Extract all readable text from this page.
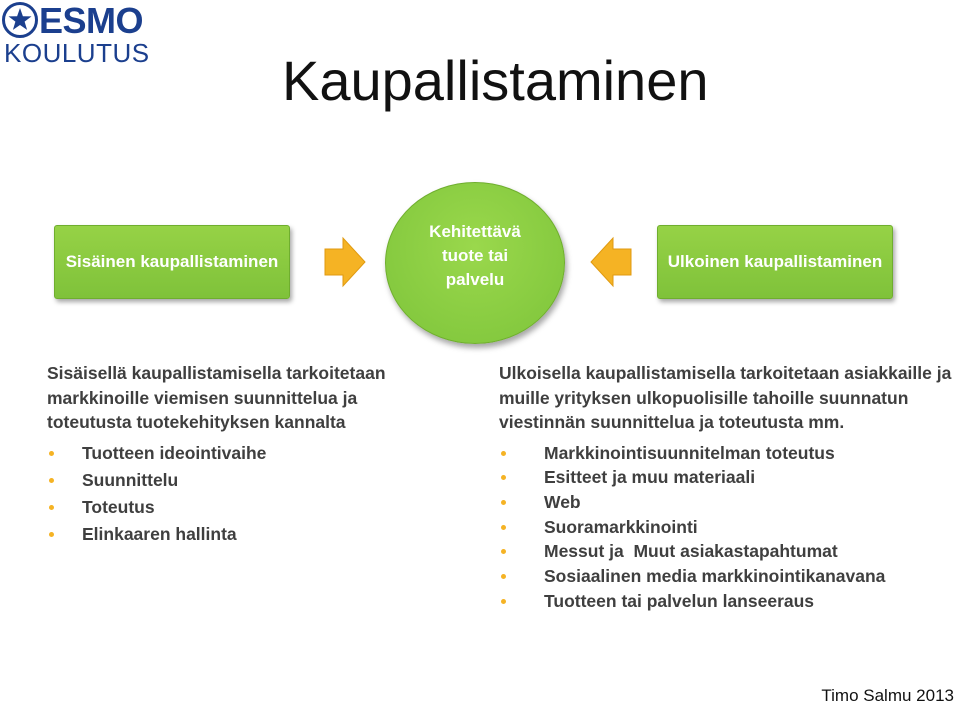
ESMO
KOULUTUS Kaupallistaminen
Sisäinen kaupallistaminen
Kehitettävä tuote tai palvelu
Ulkoinen kaupallistaminen

Sisäisellä kaupallistamisella tarkoitetaan markkinoille viemisen suunnittelua ja toteutusta tuotekehityksen kannalta

Tuotteen ideointivaihe
Suunnittelu
Toteutus
Elinkaaren hallinta

Ulkoisella kaupallistamisella tarkoitetaan asiakkaille ja muille yrityksen ulkopuolisille tahoille suunnatun viestinnän suunnittelua ja toteutusta mm.

Markkinointisuunnitelman toteutus
Esitteet ja muu materiaali
Web
Suoramarkkinointi
Messut ja  Muut asiakastapahtumat
Sosiaalinen media markkinointikanavana
Tuotteen tai palvelun lanseeraus
Timo Salmu 2013
